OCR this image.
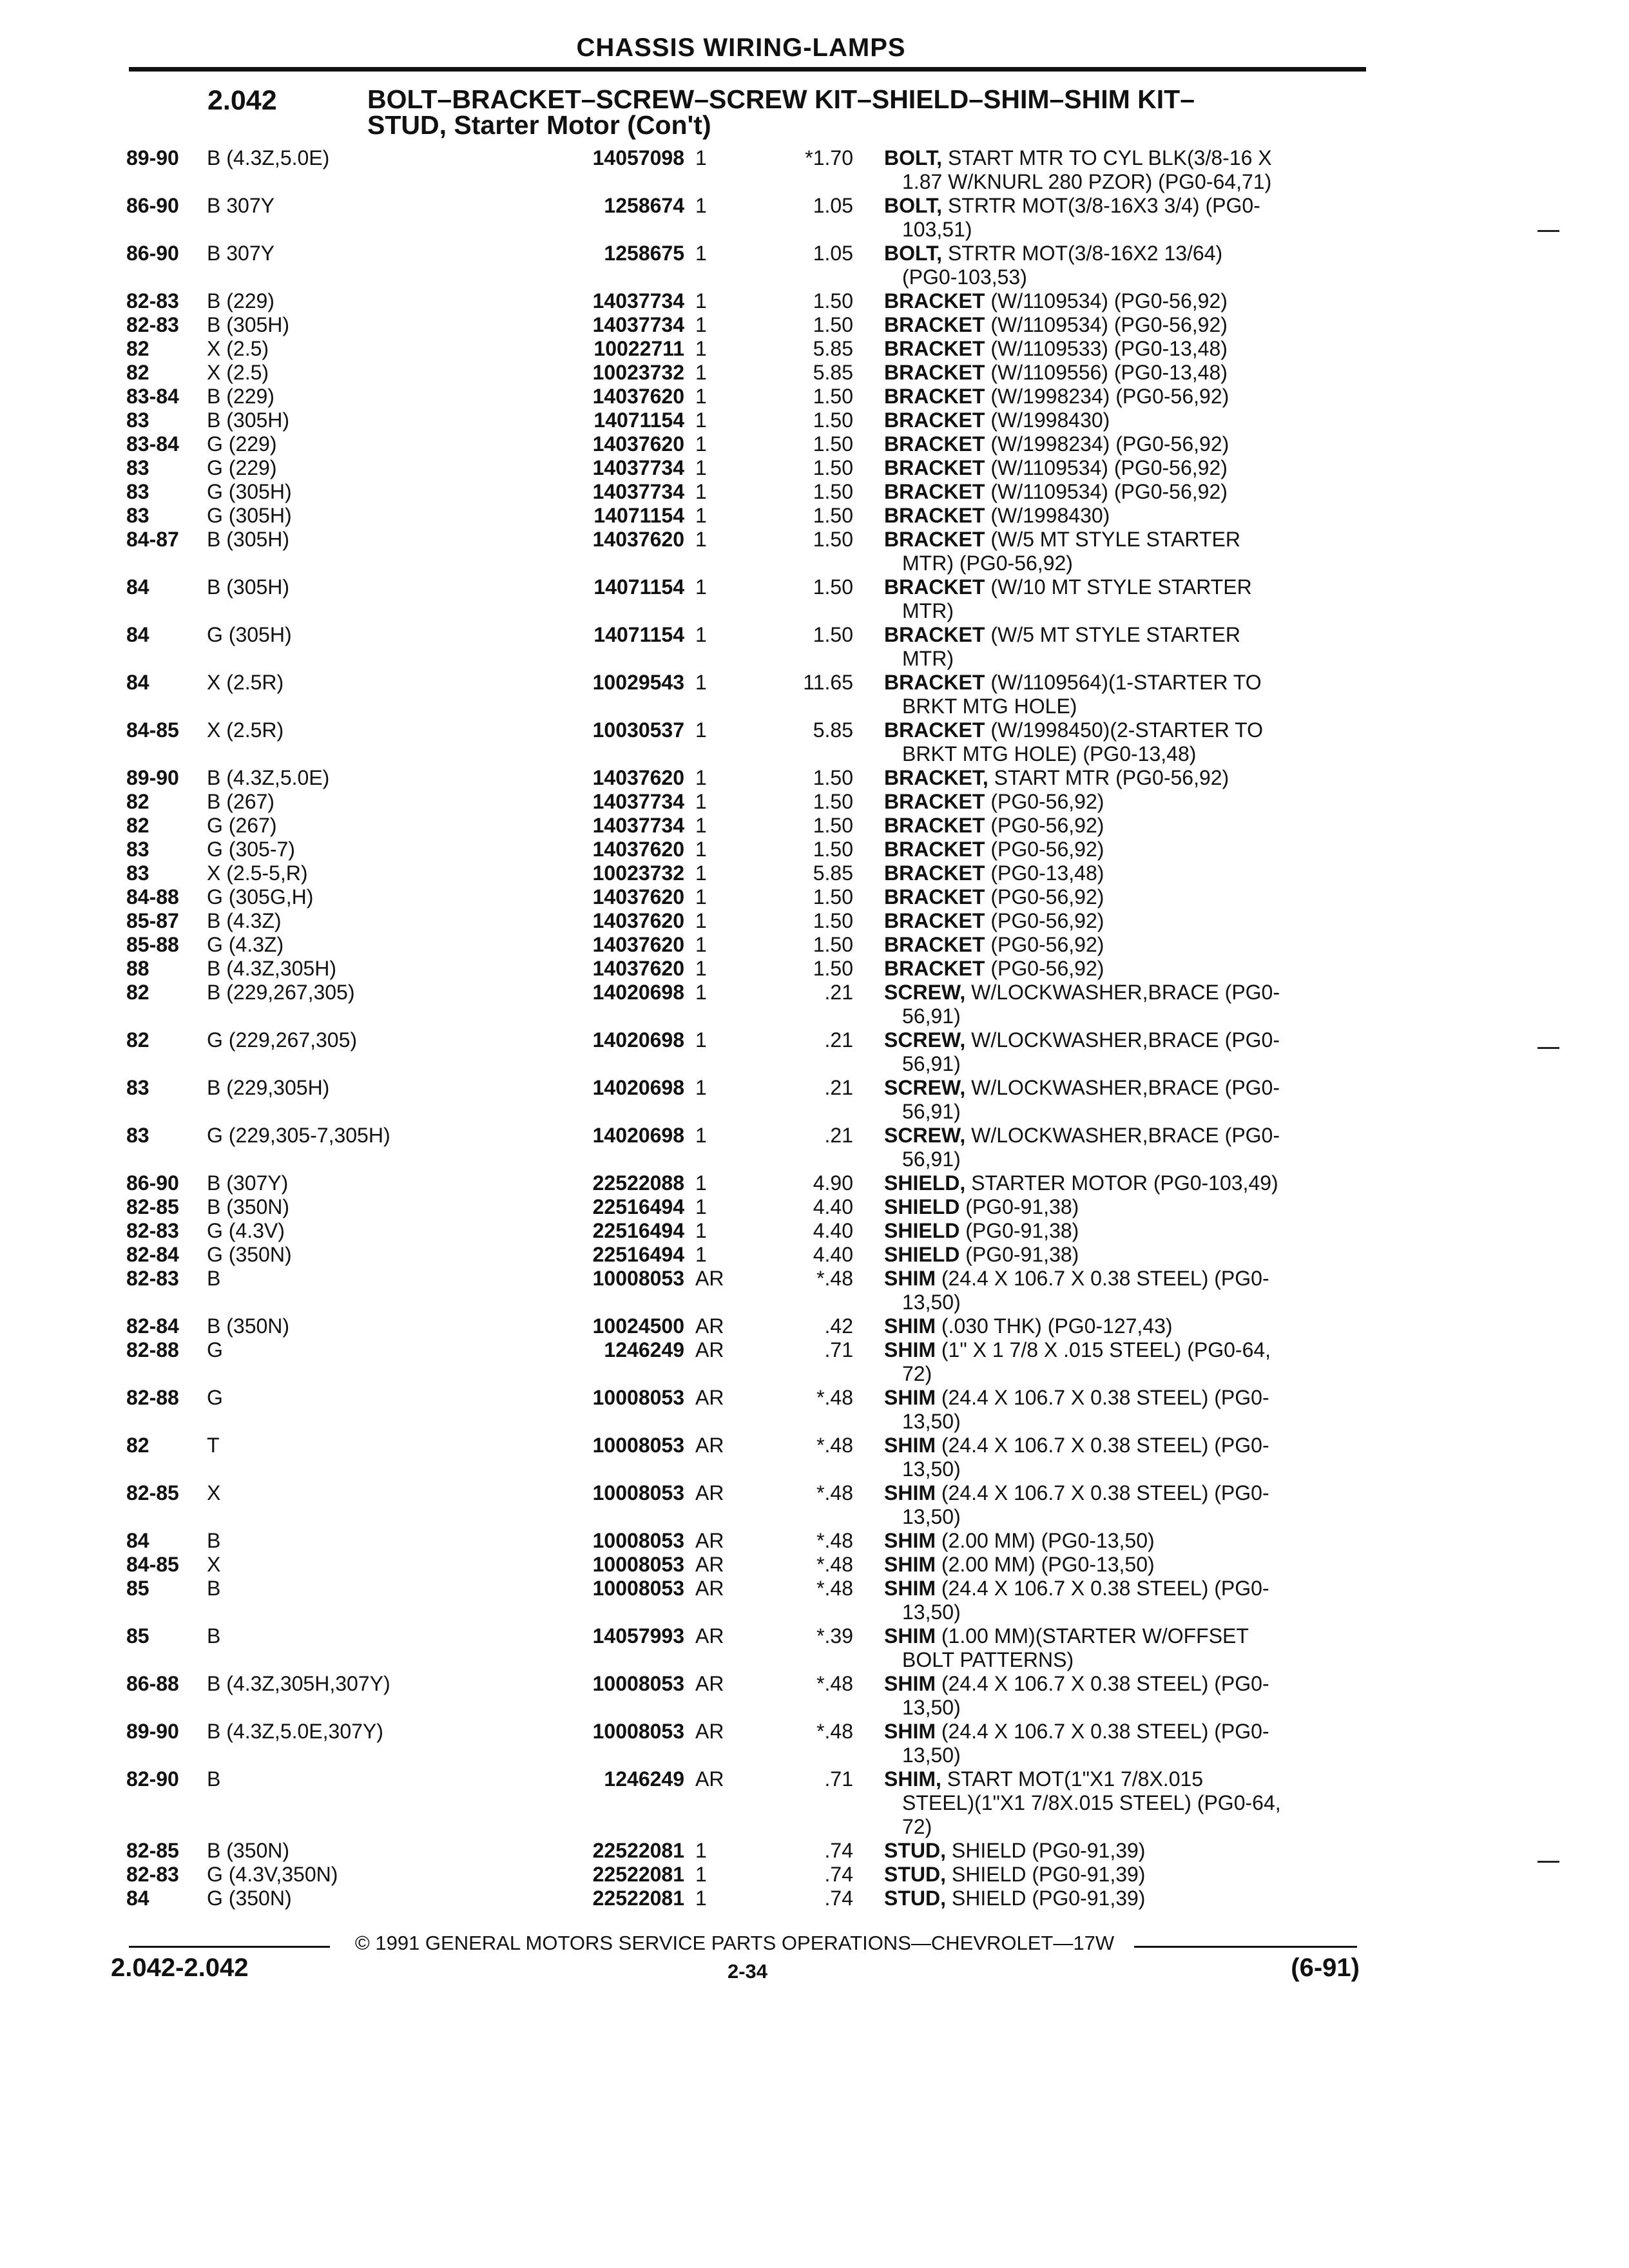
CHASSIS WIRING-LAMPS
2.042	BOLT–BRACKET–SCREW–SCREW KIT–SHIELD–SHIM–SHIM KIT–
STUD, Starter Motor (Con't)
89-90 B (4.3Z,5.0E)	14057098 1	*1.70 BOLT, START MTR TO CYL BLK(3/8-16 X
1.87 W/KNURL 280 PZOR) (PG0-64,71)
86-90 B 307Y	1258674 1	1.05 BOLT, STRTR MOT(3/8-16X3 3/4) (PG0-
103,51)
86-90 B 307Y	1258675 1	1.05 BOLT, STRTR MOT(3/8-16X2 13/64)
(PG0-103,53)
82-83 B (229)	14037734 1	1.50 BRACKET (W/1109534) (PG0-56,92)
82-83 B (305H)	14037734 1	1.50 BRACKET (W/1109534) (PG0-56,92)
82	X (2.5)	10022711 1	5.85 BRACKET (W/1109533) (PG0-13,48)
82	X (2.5)	10023732 1	5.85 BRACKET (W/1109556) (PG0-13,48)
83-84 B (229)	14037620 1	1.50 BRACKET (W/1998234) (PG0-56,92)
83	B (305H)	14071154 1	1.50 BRACKET (W/1998430)
83-84 G (229)	14037620 1	1.50 BRACKET (W/1998234) (PG0-56,92)
83	G (229)	14037734 1	1.50 BRACKET (W/1109534) (PG0-56,92)
83	G (305H)	14037734 1	1.50 BRACKET (W/1109534) (PG0-56,92)
83	G (305H)	14071154 1	1.50 BRACKET (W/1998430)
84-87 B (305H)	14037620 1	1.50 BRACKET (W/5 MT STYLE STARTER
MTR) (PG0-56,92)
84	B (305H)	14071154 1	1.50 BRACKET (W/10 MT STYLE STARTER
MTR)
84	G (305H)	14071154 1	1.50 BRACKET (W/5 MT STYLE STARTER
MTR)
84	X (2.5R)	10029543 1	11.65 BRACKET (W/1109564)(1-STARTER TO
BRKT MTG HOLE)
84-85 X (2.5R)	10030537 1	5.85 BRACKET (W/1998450)(2-STARTER TO
BRKT MTG HOLE) (PG0-13,48)
89-90 B (4.3Z,5.0E)	14037620 1	1.50 BRACKET, START MTR (PG0-56,92)
82	B (267)	14037734 1	1.50 BRACKET (PG0-56,92)
82	G (267)	14037734 1	1.50 BRACKET (PG0-56,92)
83	G (305-7)	14037620 1	1.50 BRACKET (PG0-56,92)
83	X (2.5-5,R)	10023732 1	5.85 BRACKET (PG0-13,48)
84-88 G (305G,H)	14037620 1	1.50 BRACKET (PG0-56,92)
85-87 B (4.3Z)	14037620 1	1.50 BRACKET (PG0-56,92)
85-88 G (4.3Z)	14037620 1	1.50 BRACKET (PG0-56,92)
88	B (4.3Z,305H)	14037620 1	1.50 BRACKET (PG0-56,92)
82	B (229,267,305)	14020698 1	.21 SCREW, W/LOCKWASHER,BRACE (PG0-
56,91)
82	G (229,267,305)	14020698 1	.21 SCREW, W/LOCKWASHER,BRACE (PG0-
56,91)
83	B (229,305H)	14020698 1	.21 SCREW, W/LOCKWASHER,BRACE (PG0-
56,91)
83	G (229,305-7,305H)	14020698 1	.21 SCREW, W/LOCKWASHER,BRACE (PG0-
56,91)
86-90 B (307Y)	22522088 1	4.90 SHIELD, STARTER MOTOR (PG0-103,49)
82-85 B (350N)	22516494 1	4.40 SHIELD (PG0-91,38)
82-83 G (4.3V)	22516494 1	4.40 SHIELD (PG0-91,38)
82-84 G (350N)	22516494 1	4.40 SHIELD (PG0-91,38)
82-83 B	10008053 AR	*.48 SHIM (24.4 X 106.7 X 0.38 STEEL) (PG0-
13,50)
82-84 B (350N)	10024500 AR	.42 SHIM (.030 THK) (PG0-127,43)
82-88 G	1246249 AR	.71 SHIM (1" X 1 7/8 X .015 STEEL) (PG0-64,
72)
82-88 G	10008053 AR	*.48 SHIM (24.4 X 106.7 X 0.38 STEEL) (PG0-
13,50)
82	T	10008053 AR	*.48 SHIM (24.4 X 106.7 X 0.38 STEEL) (PG0-
13,50)
82-85 X	10008053 AR	*.48 SHIM (24.4 X 106.7 X 0.38 STEEL) (PG0-
13,50)
84	B	10008053 AR	*.48 SHIM (2.00 MM) (PG0-13,50)
84-85 X	10008053 AR	*.48 SHIM (2.00 MM) (PG0-13,50)
85	B	10008053 AR	*.48 SHIM (24.4 X 106.7 X 0.38 STEEL) (PG0-
13,50)
85	B	14057993 AR	*.39 SHIM (1.00 MM)(STARTER W/OFFSET
BOLT PATTERNS)
86-88 B (4.3Z,305H,307Y)	10008053 AR	*.48 SHIM (24.4 X 106.7 X 0.38 STEEL) (PG0-
13,50)
89-90 B (4.3Z,5.0E,307Y)	10008053 AR	*.48 SHIM (24.4 X 106.7 X 0.38 STEEL) (PG0-
13,50)
82-90 B	1246249 AR	.71 SHIM, START MOT(1"X1 7/8X.015
STEEL)(1"X1 7/8X.015 STEEL) (PG0-64,
72)
82-85 B (350N)	22522081 1	.74 STUD, SHIELD (PG0-91,39)
82-83 G (4.3V,350N)	22522081 1	.74 STUD, SHIELD (PG0-91,39)
84	G (350N)	22522081 1	.74 STUD, SHIELD (PG0-91,39)
© 1991 GENERAL MOTORS SERVICE PARTS OPERATIONS—CHEVROLET—17W
2.042-2.042	2-34	(6-91)
